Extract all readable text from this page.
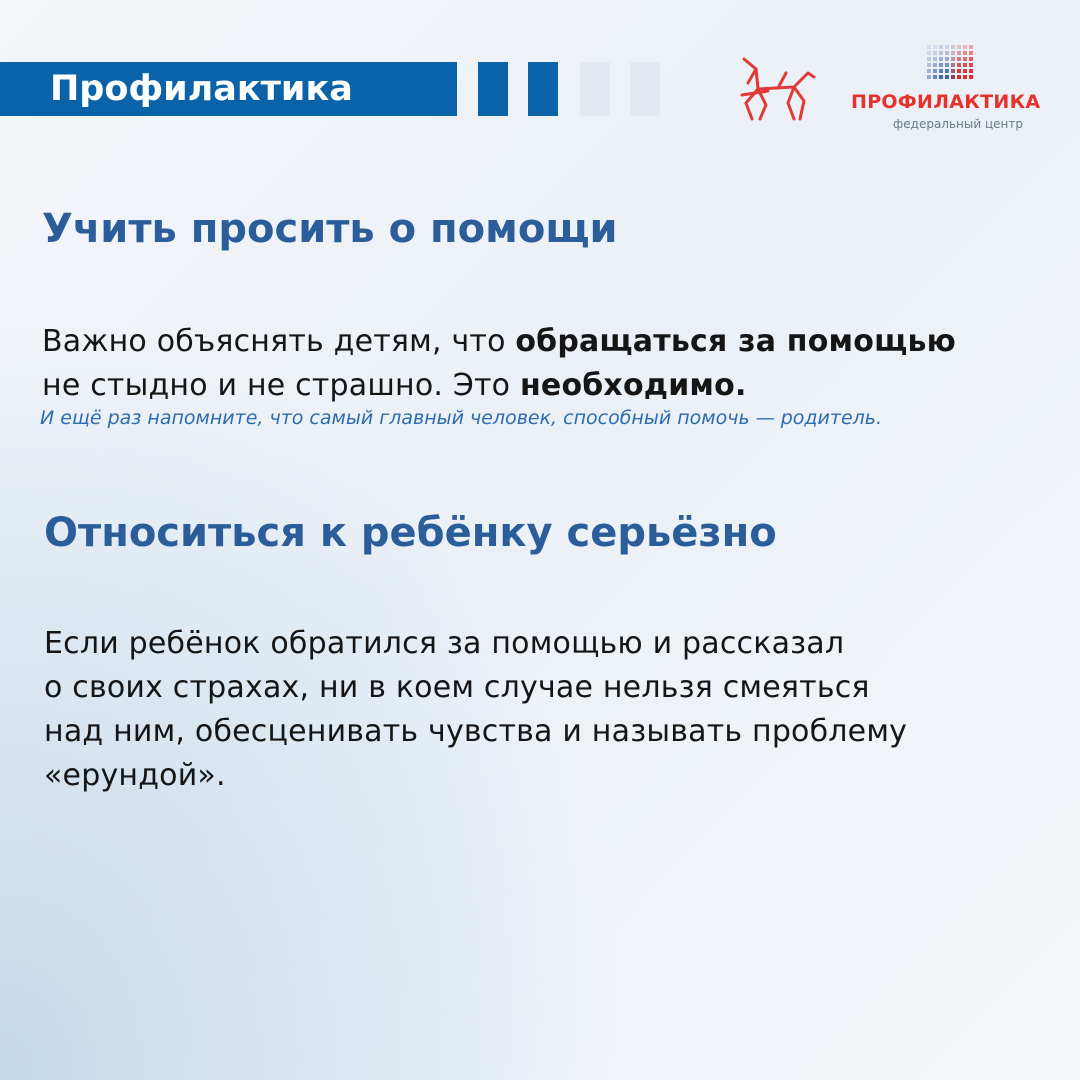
Профилактика	ПРОФИЛАКТИКА
федеральный центр
Учить просить о помощи
Важно объяснять детям, что обращаться за помощью
не стыдно и не страшно. Это необходимо.
И ещё раз напомните, что самый главный человек, способный помочь — родитель.
Относиться к ребёнку серьёзно
Если ребёнок обратился за помощью и рассказал
о своих страхах, ни в коем случае нельзя смеяться
над ним, обесценивать чувства и называть проблему
«ерундой».
